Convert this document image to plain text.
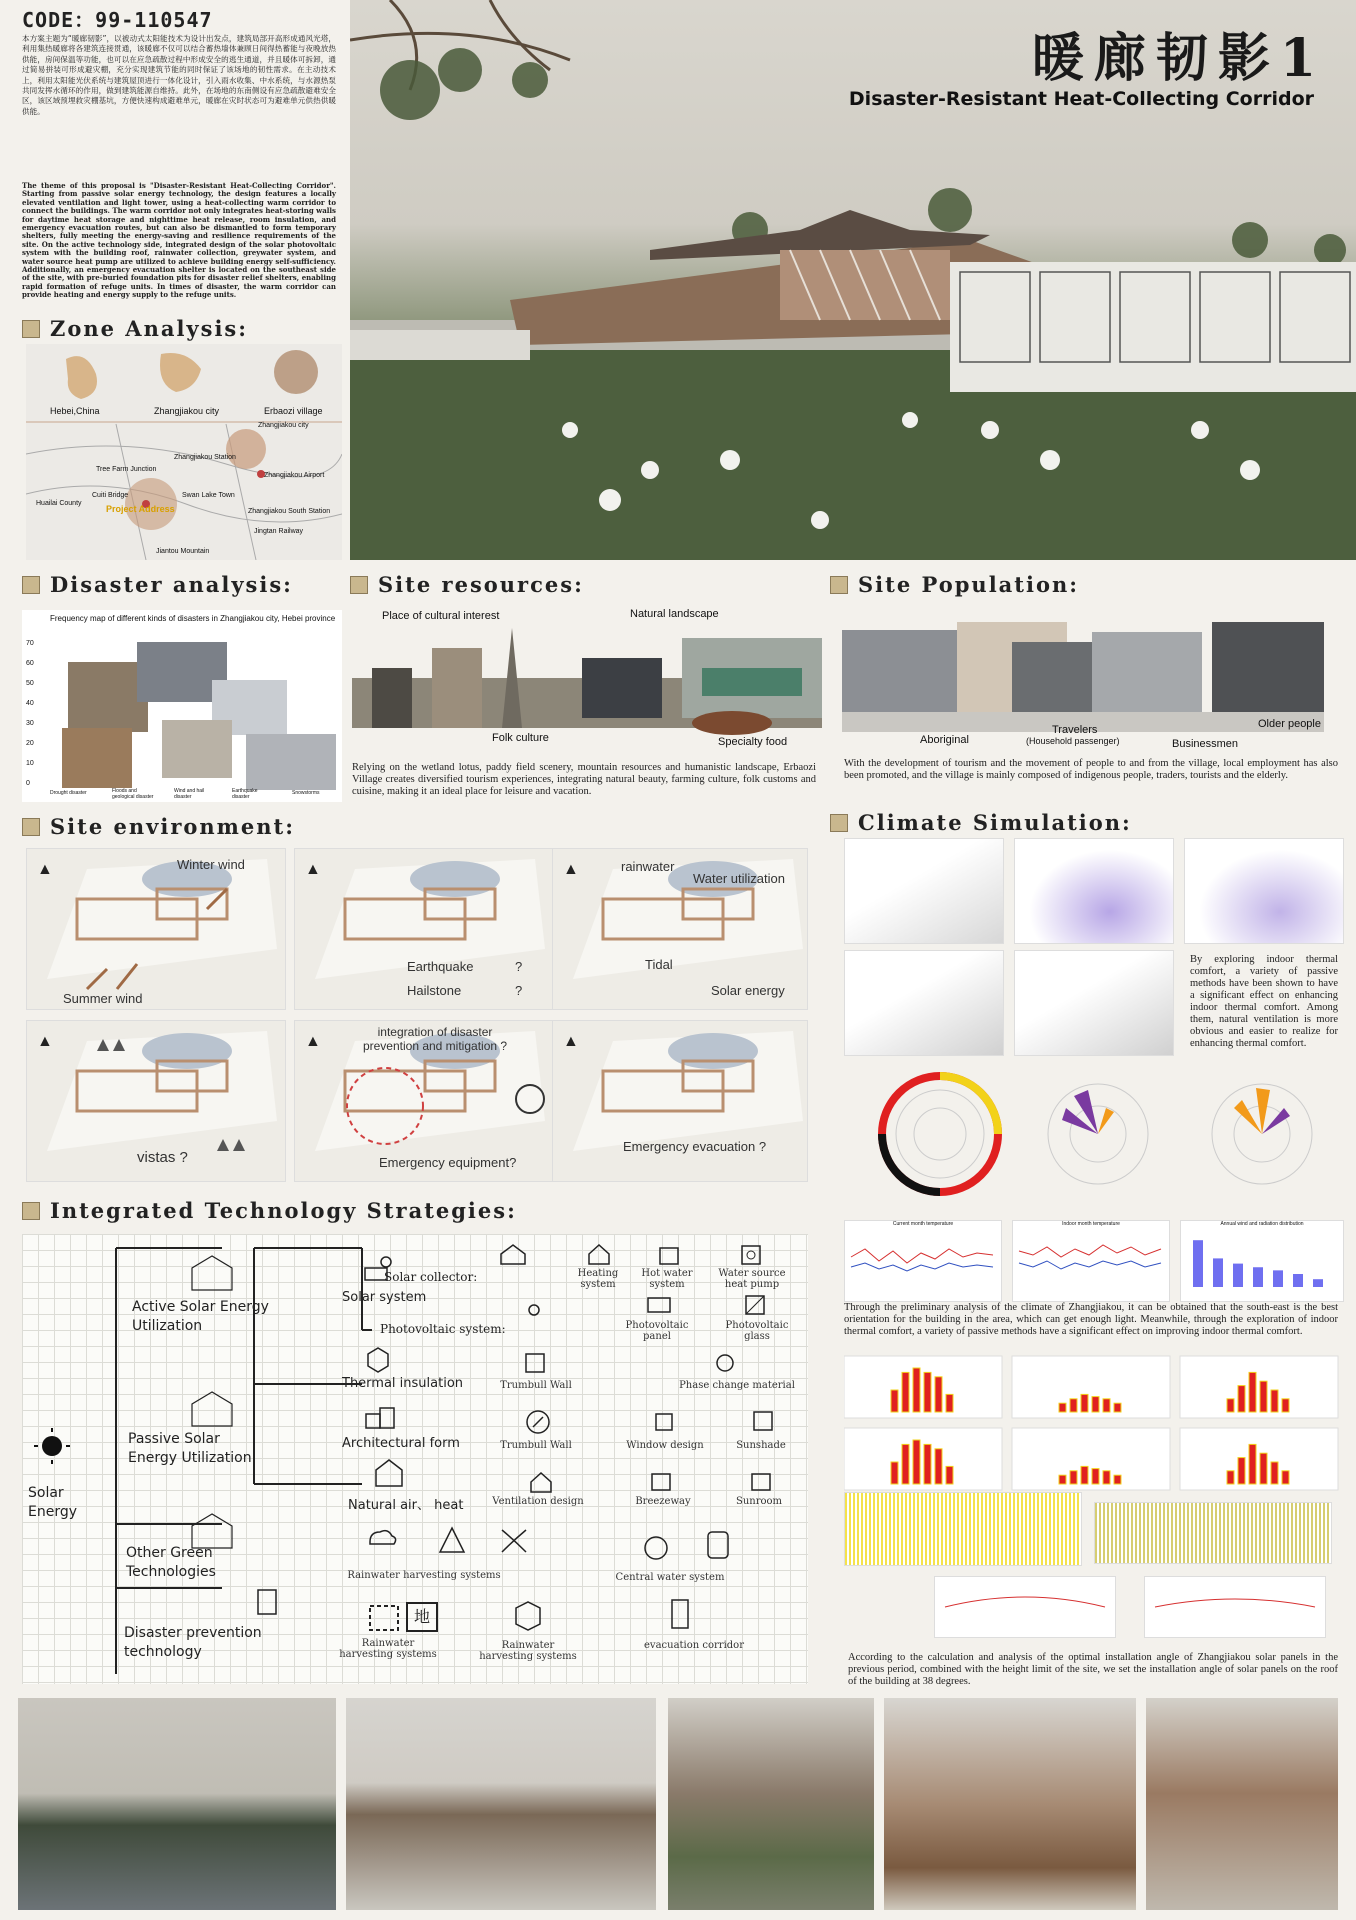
CODE：99-110547
本方案主题为“暖廊韧影”，以被动式太阳能技术为设计出发点，建筑局部开高形成通风光塔，利用集热暖廊将各建筑连接贯通，该暖廊不仅可以结合蓄热墙体兼顾日间得热蓄能与夜晚放热供能，房间保温等功能，也可以在应急疏散过程中形成安全的逃生通道，并且暖体可拆卸，通过简易拼装可形成避灾棚，充分实现建筑节能的同时保证了该场地的韧性需求。在主动技术上，利用太阳能光伏系统与建筑屋顶进行一体化设计，引入雨水收集、中水系统，与水源热泵共同发挥水循环的作用，做到建筑能源自维持。此外，在场地的东南侧设有应急疏散避难安全区，该区域预埋救灾棚基坑，方便快速构成避难单元，暖廊在灾时状态可为避难单元供热供暖供能。
The theme of this proposal is "Disaster-Resistant Heat-Collecting Corridor". Starting from passive solar energy technology, the design features a locally elevated ventilation and light tower, using a heat-collecting warm corridor to connect the buildings. The warm corridor not only integrates heat-storing walls for daytime heat storage and nighttime heat release, room insulation, and emergency evacuation routes, but can also be dismantled to form temporary shelters, fully meeting the energy-saving and resilience requirements of the site. On the active technology side, integrated design of the solar photovoltaic system with the building roof, rainwater collection, greywater system, and water source heat pump are utilized to achieve building energy self-sufficiency. Additionally, an emergency evacuation shelter is located on the southeast side of the site, with pre-buried foundation pits for disaster relief shelters, enabling rapid formation of refuge units. In times of disaster, the warm corridor can provide heating and energy supply to the refuge units.
暖廊韧影1
Disaster-Resistant Heat-Collecting Corridor
Zone Analysis:
Hebei,China	Zhangjiakou city	Erbaozi village
Zhangjiakou city
Zhangjiakou Station
Zhangjiakou Airport
Tree Farm Junction
Cuiti Bridge	Swan Lake Town
Huailai County
Zhangjiakou South Station
Project Address
Jingtan Railway
Jiantou Mountain
Disaster analysis:
Frequency map of different kinds of disasters in Zhangjiakou city, Hebei province
70
60
50
40
30
20
10
0
Drought disaster	Floods and geological disaster
Wind and hail disaster
Earthquake disaster
Snowstorms
Site resources:
Place of cultural interest	Natural landscape
Folk culture	Specialty food
Relying on the wetland lotus, paddy field scenery, mountain resources and humanistic landscape, Erbaozi Village creates diversified tourism experiences, integrating natural beauty, farming culture, folk customs and cuisine, making it an ideal place for leisure and vacation.
Site Population:
Aboriginal
Travelers
(Household passenger)	Businessmen
Older people
With the development of tourism and the movement of people to and from the village, local employment has also been promoted, and the village is mainly composed of indigenous people, traders, tourists and the elderly.
Site environment:
Winter wind
Summer wind
▲
Earthquake	?
Hailstone	?
▲	rainwater
Water utilization
Tidal
Solar energy
▲
vistas ?
▲
integration of disaster prevention and mitigation ?
Emergency equipment?
▲
Emergency evacuation ?
▲
Climate Simulation:
By exploring indoor thermal comfort, a variety of passive methods have been shown to have a significant effect on enhancing indoor thermal comfort. Among them, natural ventilation is more obvious and easier to realize for enhancing thermal comfort.
Current month temperature	Indoor month temperature	Annual wind and radiation distribution
Through the preliminary analysis of the climate of Zhangjiakou, it can be obtained that the south-east is the best orientation for the building in the area, which can get enough light. Meanwhile, through the exploration of indoor thermal comfort, a variety of passive methods have a significant effect on improving indoor thermal comfort.
According to the calculation and analysis of the optimal installation angle of Zhangjiakou solar panels in the previous period, combined with the height limit of the site, we set the installation angle of solar panels on the roof of the building at 38 degrees.
Integrated Technology Strategies:
Solar Energy
Active Solar Energy Utilization
Passive Solar Energy Utilization
Other Green Technologies
Disaster prevention technology
Solar system
Solar collector:
Photovoltaic system:
Thermal insulation
Architectural form
Natural air、 heat
Heating system
Hot water system
Water source heat pump
Photovoltaic panel
Photovoltaic glass
Trumbull Wall	Phase change material
Trumbull Wall	Window design	Sunshade
Ventilation design	Breezeway	Sunroom
Rainwater harvesting systems	Central water system
Rainwater harvesting systems
Rainwater harvesting systems
evacuation corridor
地
